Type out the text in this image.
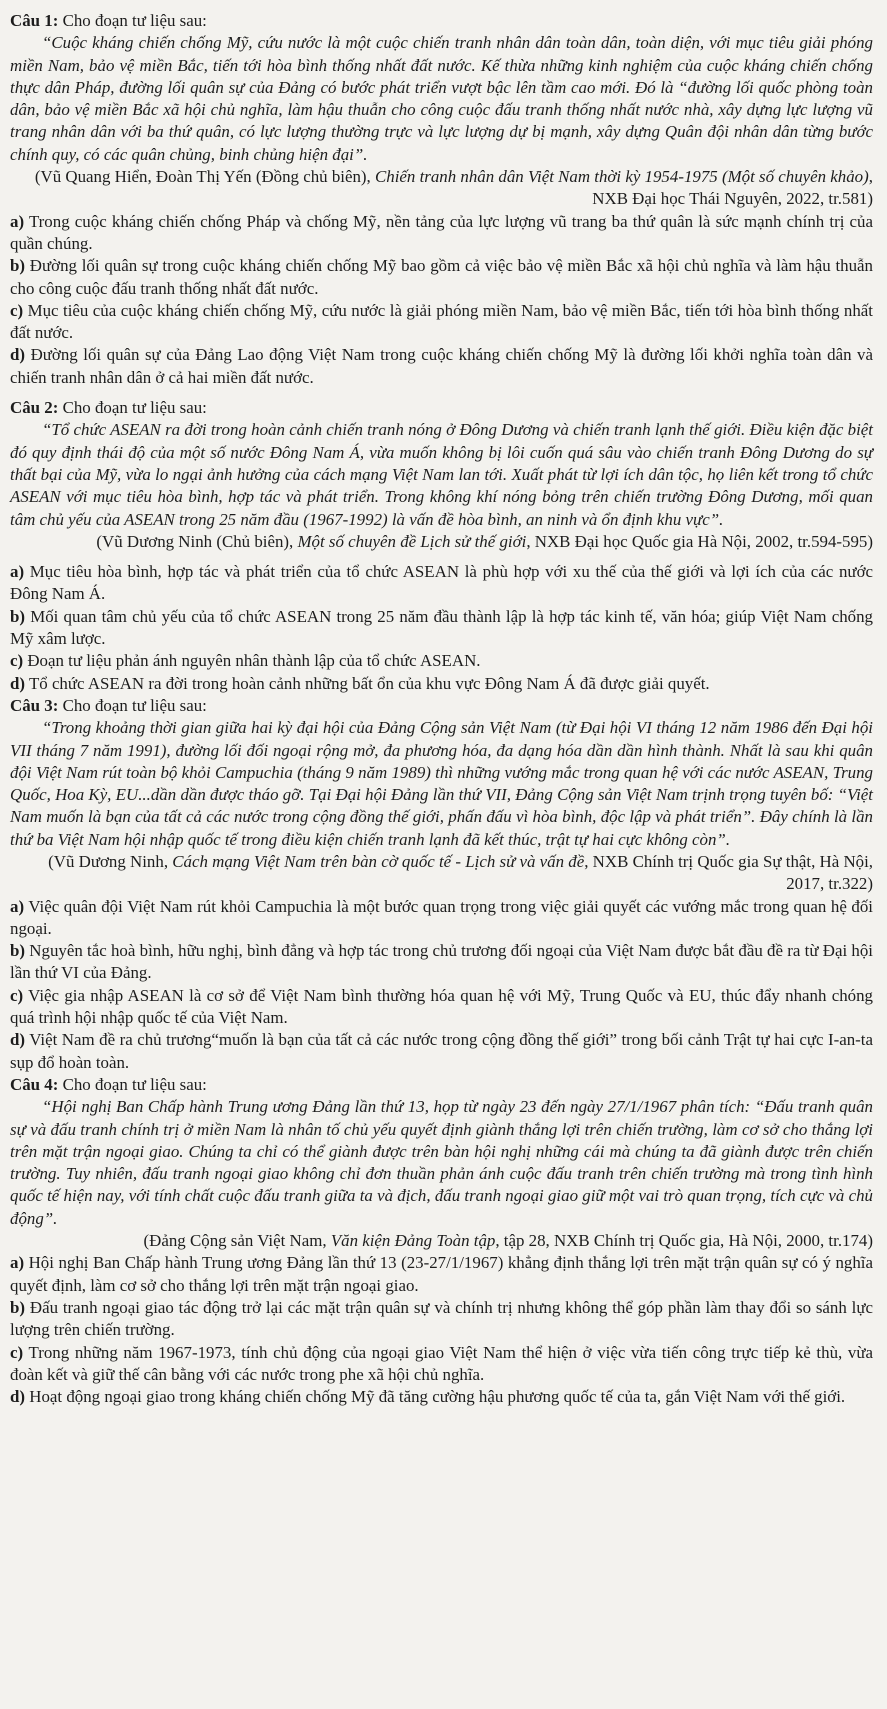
Câu 1: Cho đoạn tư liệu sau:

“Cuộc kháng chiến chống Mỹ, cứu nước là một cuộc chiến tranh nhân dân toàn dân, toàn diện, với mục tiêu giải phóng miền Nam, bảo vệ miền Bắc, tiến tới hòa bình thống nhất đất nước. Kế thừa những kinh nghiệm của cuộc kháng chiến chống thực dân Pháp, đường lối quân sự của Đảng có bước phát triển vượt bậc lên tầm cao mới. Đó là “đường lối quốc phòng toàn dân, bảo vệ miền Bắc xã hội chủ nghĩa, làm hậu thuẫn cho công cuộc đấu tranh thống nhất nước nhà, xây dựng lực lượng vũ trang nhân dân với ba thứ quân, có lực lượng thường trực và lực lượng dự bị mạnh, xây dựng Quân đội nhân dân từng bước chính quy, có các quân chủng, binh chủng hiện đại”.

(Vũ Quang Hiển, Đoàn Thị Yến (Đồng chủ biên), Chiến tranh nhân dân Việt Nam thời kỳ 1954-1975 (Một số chuyên khảo), NXB Đại học Thái Nguyên, 2022, tr.581)

a) Trong cuộc kháng chiến chống Pháp và chống Mỹ, nền tảng của lực lượng vũ trang ba thứ quân là sức mạnh chính trị của quần chúng.

b) Đường lối quân sự trong cuộc kháng chiến chống Mỹ bao gồm cả việc bảo vệ miền Bắc xã hội chủ nghĩa và làm hậu thuẫn cho công cuộc đấu tranh thống nhất đất nước.

c) Mục tiêu của cuộc kháng chiến chống Mỹ, cứu nước là giải phóng miền Nam, bảo vệ miền Bắc, tiến tới hòa bình thống nhất đất nước.

d) Đường lối quân sự của Đảng Lao động Việt Nam trong cuộc kháng chiến chống Mỹ là đường lối khởi nghĩa toàn dân và chiến tranh nhân dân ở cả hai miền đất nước.

Câu 2: Cho đoạn tư liệu sau:

“Tổ chức ASEAN ra đời trong hoàn cảnh chiến tranh nóng ở Đông Dương và chiến tranh lạnh thế giới. Điều kiện đặc biệt đó quy định thái độ của một số nước Đông Nam Á, vừa muốn không bị lôi cuốn quá sâu vào chiến tranh Đông Dương do sự thất bại của Mỹ, vừa lo ngại ảnh hưởng của cách mạng Việt Nam lan tới. Xuất phát từ lợi ích dân tộc, họ liên kết trong tổ chức ASEAN với mục tiêu hòa bình, hợp tác và phát triển. Trong không khí nóng bỏng trên chiến trường Đông Dương, mối quan tâm chủ yếu của ASEAN trong 25 năm đầu (1967-1992) là vấn đề hòa bình, an ninh và ổn định khu vực”.

(Vũ Dương Ninh (Chủ biên), Một số chuyên đề Lịch sử thế giới, NXB Đại học Quốc gia Hà Nội, 2002, tr.594-595)

a) Mục tiêu hòa bình, hợp tác và phát triển của tổ chức ASEAN là phù hợp với xu thế của thế giới và lợi ích của các nước Đông Nam Á.

b) Mối quan tâm chủ yếu của tổ chức ASEAN trong 25 năm đầu thành lập là hợp tác kinh tế, văn hóa; giúp Việt Nam chống Mỹ xâm lược.

c) Đoạn tư liệu phản ánh nguyên nhân thành lập của tổ chức ASEAN.

d) Tổ chức ASEAN ra đời trong hoàn cảnh những bất ổn của khu vực Đông Nam Á đã được giải quyết.

Câu 3: Cho đoạn tư liệu sau:

“Trong khoảng thời gian giữa hai kỳ đại hội của Đảng Cộng sản Việt Nam (từ Đại hội VI tháng 12 năm 1986 đến Đại hội VII tháng 7 năm 1991), đường lối đối ngoại rộng mở, đa phương hóa, đa dạng hóa dần dần hình thành. Nhất là sau khi quân đội Việt Nam rút toàn bộ khỏi Campuchia (tháng 9 năm 1989) thì những vướng mắc trong quan hệ với các nước ASEAN, Trung Quốc, Hoa Kỳ, EU...dần dần được tháo gỡ. Tại Đại hội Đảng lần thứ VII, Đảng Cộng sản Việt Nam trịnh trọng tuyên bố: “Việt Nam muốn là bạn của tất cả các nước trong cộng đồng thế giới, phấn đấu vì hòa bình, độc lập và phát triển”. Đây chính là lần thứ ba Việt Nam hội nhập quốc tế trong điều kiện chiến tranh lạnh đã kết thúc, trật tự hai cực không còn”.

(Vũ Dương Ninh, Cách mạng Việt Nam trên bàn cờ quốc tế - Lịch sử và vấn đề, NXB Chính trị Quốc gia Sự thật, Hà Nội, 2017, tr.322)

a) Việc quân đội Việt Nam rút khỏi Campuchia là một bước quan trọng trong việc giải quyết các vướng mắc trong quan hệ đối ngoại.

b) Nguyên tắc hoà bình, hữu nghị, bình đẳng và hợp tác trong chủ trương đối ngoại của Việt Nam được bắt đầu đề ra từ Đại hội lần thứ VI của Đảng.

c) Việc gia nhập ASEAN là cơ sở để Việt Nam bình thường hóa quan hệ với Mỹ, Trung Quốc và EU, thúc đẩy nhanh chóng quá trình hội nhập quốc tế của Việt Nam.

d) Việt Nam đề ra chủ trương“muốn là bạn của tất cả các nước trong cộng đồng thế giới” trong bối cảnh Trật tự hai cực I-an-ta sụp đổ hoàn toàn.

Câu 4: Cho đoạn tư liệu sau:

“Hội nghị Ban Chấp hành Trung ương Đảng lần thứ 13, họp từ ngày 23 đến ngày 27/1/1967 phân tích: “Đấu tranh quân sự và đấu tranh chính trị ở miền Nam là nhân tố chủ yếu quyết định giành thắng lợi trên chiến trường, làm cơ sở cho thắng lợi trên mặt trận ngoại giao. Chúng ta chỉ có thể giành được trên bàn hội nghị những cái mà chúng ta đã giành được trên chiến trường. Tuy nhiên, đấu tranh ngoại giao không chỉ đơn thuần phản ánh cuộc đấu tranh trên chiến trường mà trong tình hình quốc tế hiện nay, với tính chất cuộc đấu tranh giữa ta và địch, đấu tranh ngoại giao giữ một vai trò quan trọng, tích cực và chủ động”.

(Đảng Cộng sản Việt Nam, Văn kiện Đảng Toàn tập, tập 28, NXB Chính trị Quốc gia, Hà Nội, 2000, tr.174)

a) Hội nghị Ban Chấp hành Trung ương Đảng lần thứ 13 (23-27/1/1967) khẳng định thắng lợi trên mặt trận quân sự có ý nghĩa quyết định, làm cơ sở cho thắng lợi trên mặt trận ngoại giao.

b) Đấu tranh ngoại giao tác động trở lại các mặt trận quân sự và chính trị nhưng không thể góp phần làm thay đổi so sánh lực lượng trên chiến trường.

c) Trong những năm 1967-1973, tính chủ động của ngoại giao Việt Nam thể hiện ở việc vừa tiến công trực tiếp kẻ thù, vừa đoàn kết và giữ thế cân bằng với các nước trong phe xã hội chủ nghĩa.

d) Hoạt động ngoại giao trong kháng chiến chống Mỹ đã tăng cường hậu phương quốc tế của ta, gắn Việt Nam với thế giới.
